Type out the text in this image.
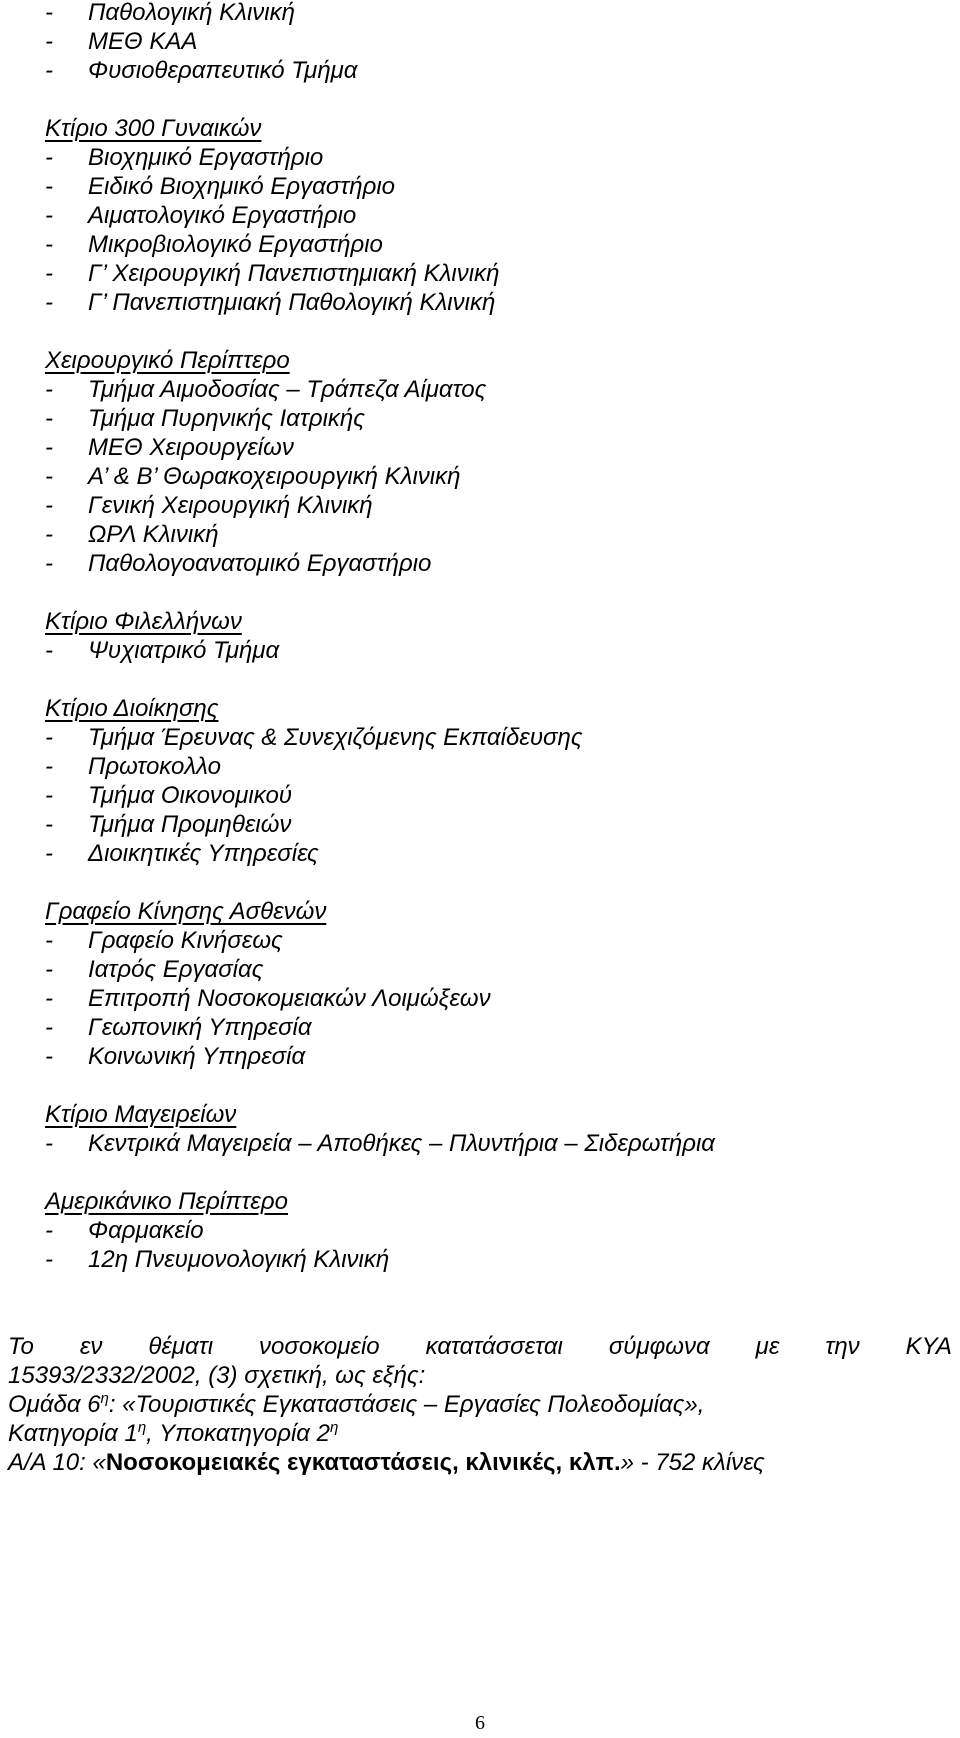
- Παθολογική Κλινική
- ΜΕΘ ΚΑΑ
- Φυσιοθεραπευτικό Τμήμα
Κτίριο 300 Γυναικών
- Βιοχημικό Εργαστήριο
- Ειδικό Βιοχημικό Εργαστήριο
- Αιματολογικό Εργαστήριο
- Μικροβιολογικό Εργαστήριο
- Γ’ Χειρουργική Πανεπιστημιακή Κλινική
- Γ’ Πανεπιστημιακή Παθολογική Κλινική
Χειρουργικό Περίπτερο
- Τμήμα Αιμοδοσίας – Τράπεζα Αίματος
- Τμήμα Πυρηνικής Ιατρικής
- ΜΕΘ Χειρουργείων
- Α’ & Β’ Θωρακοχειρουργική Κλινική
- Γενική Χειρουργική Κλινική
- ΩΡΛ Κλινική
- Παθολογοανατομικό Εργαστήριο
Κτίριο Φιλελλήνων
- Ψυχιατρικό Τμήμα
Κτίριο Διοίκησης
- Τμήμα Έρευνας & Συνεχιζόμενης Εκπαίδευσης
- Πρωτοκολλο
- Τμήμα Οικονομικού
- Τμήμα Προμηθειών
- Διοικητικές Υπηρεσίες
Γραφείο Κίνησης Ασθενών
- Γραφείο Κινήσεως
- Ιατρός Εργασίας
- Επιτροπή Νοσοκομειακών Λοιμώξεων
- Γεωπονική Υπηρεσία
- Κοινωνική Υπηρεσία
Κτίριο Μαγειρείων
- Κεντρικά Μαγειρεία – Αποθήκες – Πλυντήρια – Σιδερωτήρια
Αμερικάνικο Περίπτερο
- Φαρμακείο
- 12η Πνευμονολογική Κλινική
Το εν θέματι νοσοκομείο κατατάσσεται σύμφωνα με την ΚΥΑ
15393/2332/2002, (3) σχετική, ως εξής:
Ομάδα $6^\eta$: «Τουριστικές Εγκαταστάσεις – Εργασίες Πολεοδομίας»,
Κατηγορία $1^\eta$, Υποκατηγορία $2^\eta$
Α/Α 10: «Νοσοκομειακές εγκαταστάσεις, κλινικές, κλπ.» - 752 κλίνες
6
